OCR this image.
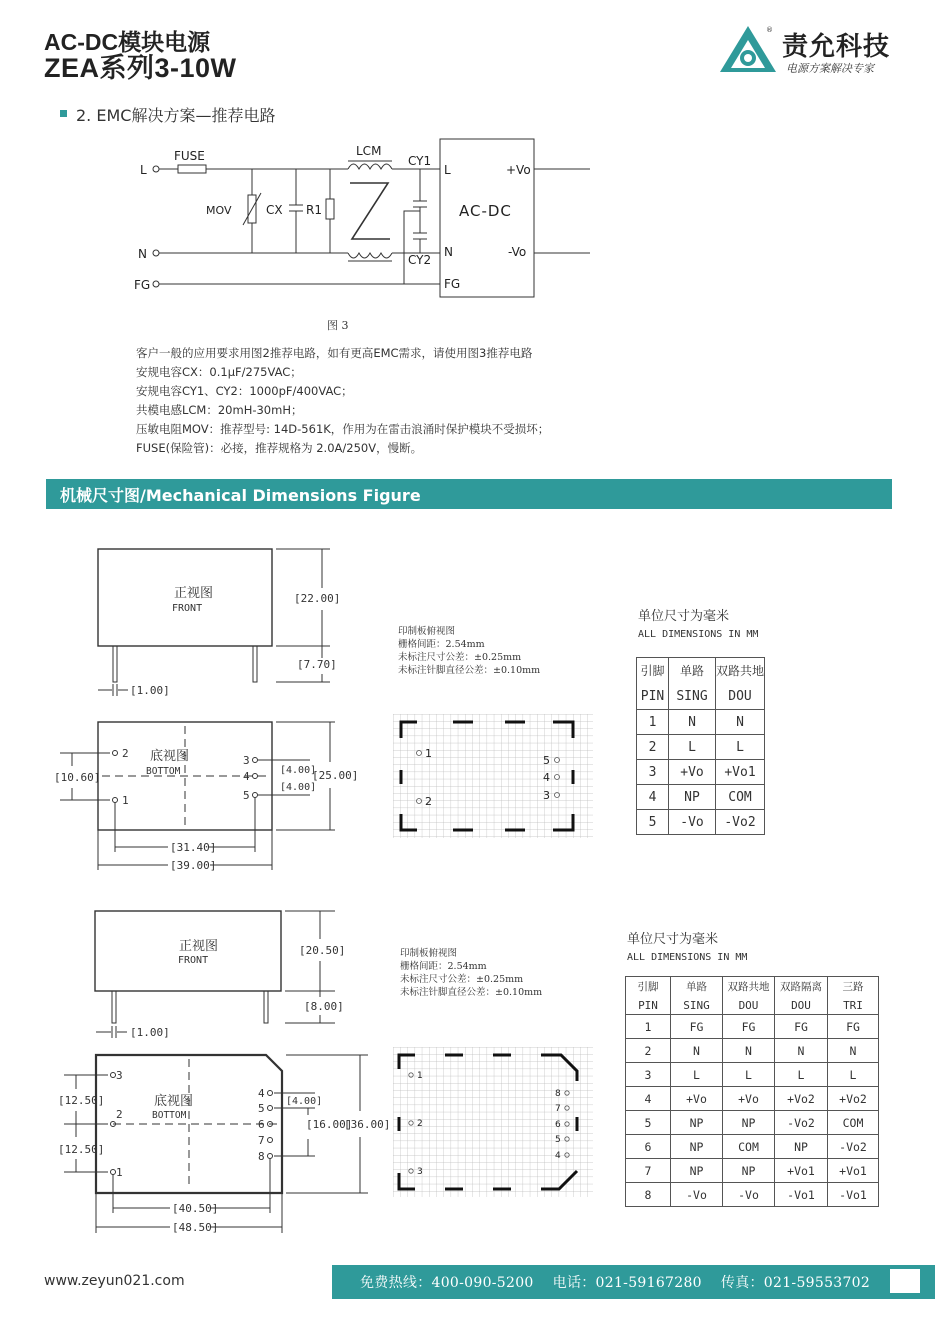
AC-DC模块电源
ZEA系列3-10W
®
责允科技
电源方案解决专家
2. EMC解决方案—推荐电路
L
N
FG
FUSE
MOV	CX R1
LCM
CY1
CY2
L
N
FG
+Vo
-Vo
AC-DC
图 3
客户一般的应用要求用图2推荐电路，如有更高EMC需求，请使用图3推荐电路
安规电容CX：0.1μF/275VAC；
安规电容CY1、CY2：1000pF/400VAC；
共模电感LCM：20mH-30mH；
压敏电阻MOV：推荐型号: 14D-561K，作用为在雷击浪涌时保护模块不受损坏；
FUSE(保险管)：必接，推荐规格为 2.0A/250V，慢断。
机械尺寸图/Mechanical Dimensions Figure
正视图
FRONT
[22.00]
[7.70]
[1.00]
底视图
BOTTOM
2
1
3
4
5
[10.60]
[4.00]
[4.00]
[25.00]
[31.40]
[39.00]
印制板俯视图
栅格间距：2.54mm
未标注尺寸公差：±0.25mm
未标注针脚直径公差：±0.10mm
1
2
5
4
3
单位尺寸为毫米
ALL DIMENSIONS IN MM
引脚	单路	双路共地
PIN	SING	DOU
1	N	N
2	L	L
3	+Vo	+Vo1
4	NP	COM
5	-Vo	-Vo2
正视图
FRONT
[20.50]
[8.00]
[1.00]
底视图
BOTTOM
3
2
1
4
5
6
7
8
[12.50]
[12.50]
[4.00]
[16.00]
[36.00]
[40.50]
[48.50]
印制板俯视图
栅格间距：2.54mm
未标注尺寸公差：±0.25mm
未标注针脚直径公差：±0.10mm
1
2
3
8
7
6
5
4
单位尺寸为毫米
ALL DIMENSIONS IN MM
引脚	单路	双路共地	双路隔离	三路
PIN	SING	DOU	DOU	TRI
1	FG	FG	FG	FG
2	N	N	N	N
3	L	L	L	L
4	+Vo	+Vo	+Vo2	+Vo2
5	NP	NP	-Vo2	COM
6	NP	COM	NP	-Vo2
7	NP	NP	+Vo1	+Vo1
8	-Vo	-Vo	-Vo1	-Vo1
www.zeyun021.com	免费热线：400-090-5200 电话：021-59167280 传真：021-59553702
